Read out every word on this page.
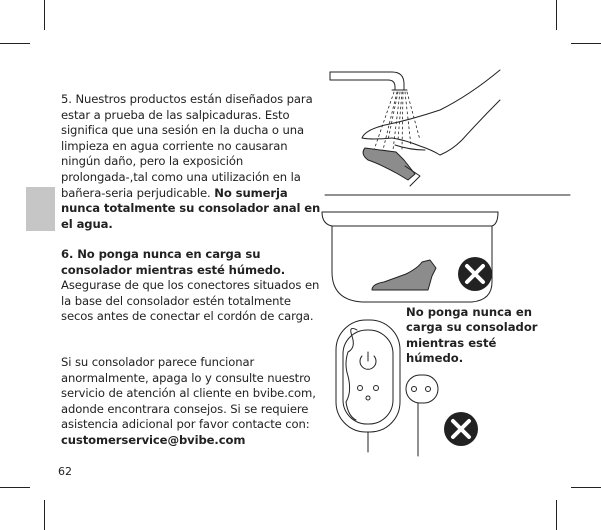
5. Nuestros productos están diseñados para estar a prueba de las salpicaduras. Esto significa que una sesión en la ducha o una limpieza en agua corriente no causaran ningún daño, pero la exposición prolongada-,tal como una utilización en la bañera-seria perjudicable. No sumerja nunca totalmente su consolador anal en el agua.
6. No ponga nunca en carga su consolador mientras esté húmedo. Asegurase de que los conectores situados en la base del consolador estén totalmente secos antes de conectar el cordón de carga.
Si su consolador parece funcionar anormalmente, apaga lo y consulte nuestro servicio de atención al cliente en bvibe.com, adonde encontrara consejos. Si se requiere asistencia adicional por favor contacte con:
customerservice@bvibe.com
No ponga nunca en carga su consolador mientras esté húmedo.
62
